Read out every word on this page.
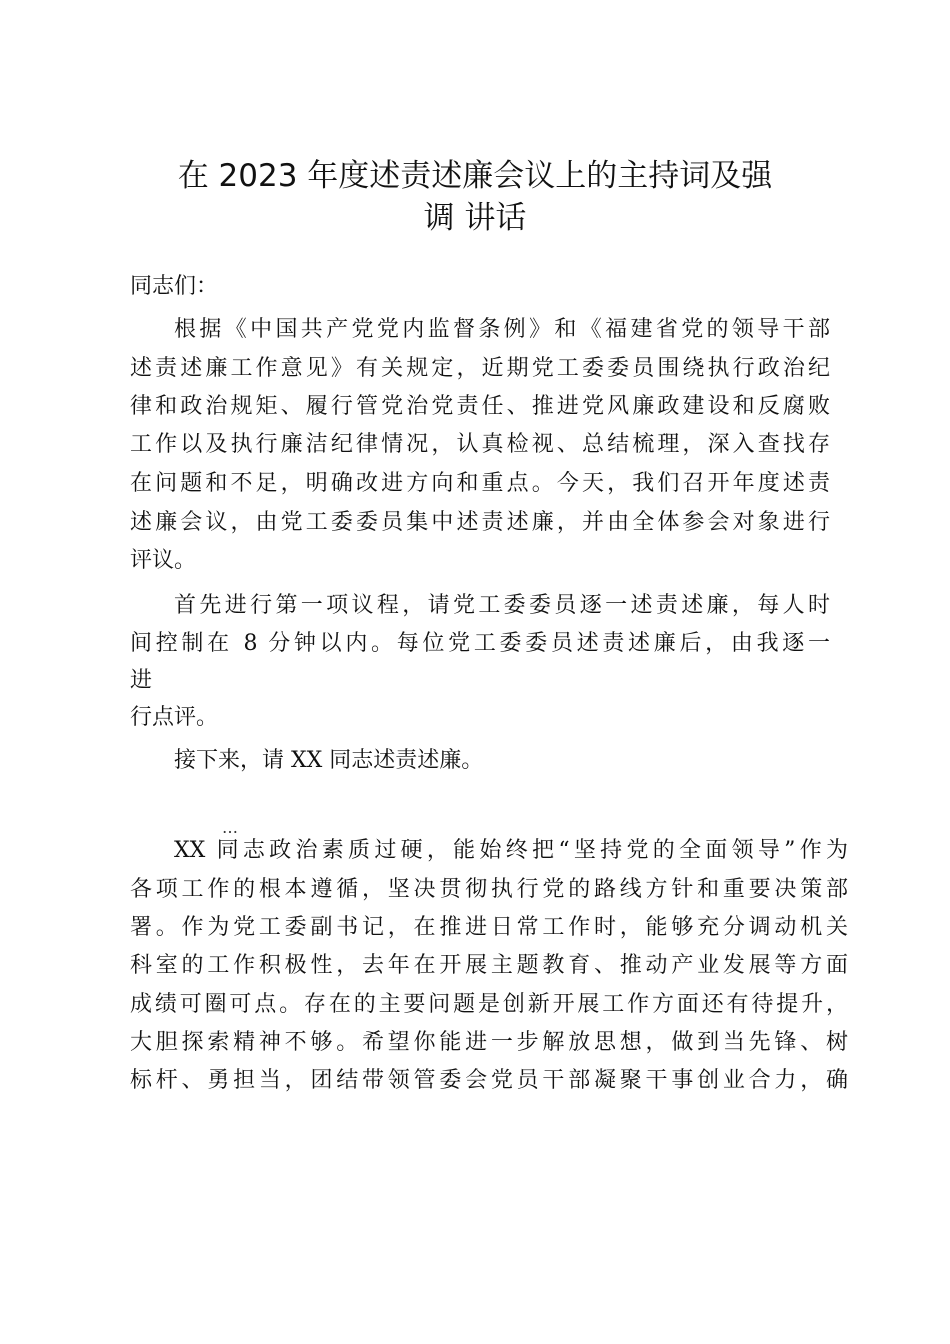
在 2023 年度述责述廉会议上的主持词及强
调 讲话
同志们：
根据《中国共产党党内监督条例》和《福建省党的领导干部
述责述廉工作意见》有关规定，近期党工委委员围绕执行政治纪
律和政治规矩、履行管党治党责任、推进党风廉政建设和反腐败
工作以及执行廉洁纪律情况，认真检视、总结梳理，深入查找存
在问题和不足，明确改进方向和重点。今天，我们召开年度述责
述廉会议，由党工委委员集中述责述廉，并由全体参会对象进行
评议。
首先进行第一项议程，请党工委委员逐一述责述廉，每人时
间控制在 8 分钟以内。每位党工委委员述责述廉后，由我逐一
进
行点评。
接下来，请 XX 同志述责述廉。
…
XX 同志政治素质过硬，能始终把“坚持党的全面领导”作为
各项工作的根本遵循，坚决贯彻执行党的路线方针和重要决策部
署。作为党工委副书记，在推进日常工作时，能够充分调动机关
科室的工作积极性，去年在开展主题教育、推动产业发展等方面
成绩可圈可点。存在的主要问题是创新开展工作方面还有待提升，
大胆探索精神不够。希望你能进一步解放思想，做到当先锋、树
标杆、勇担当，团结带领管委会党员干部凝聚干事创业合力，确
